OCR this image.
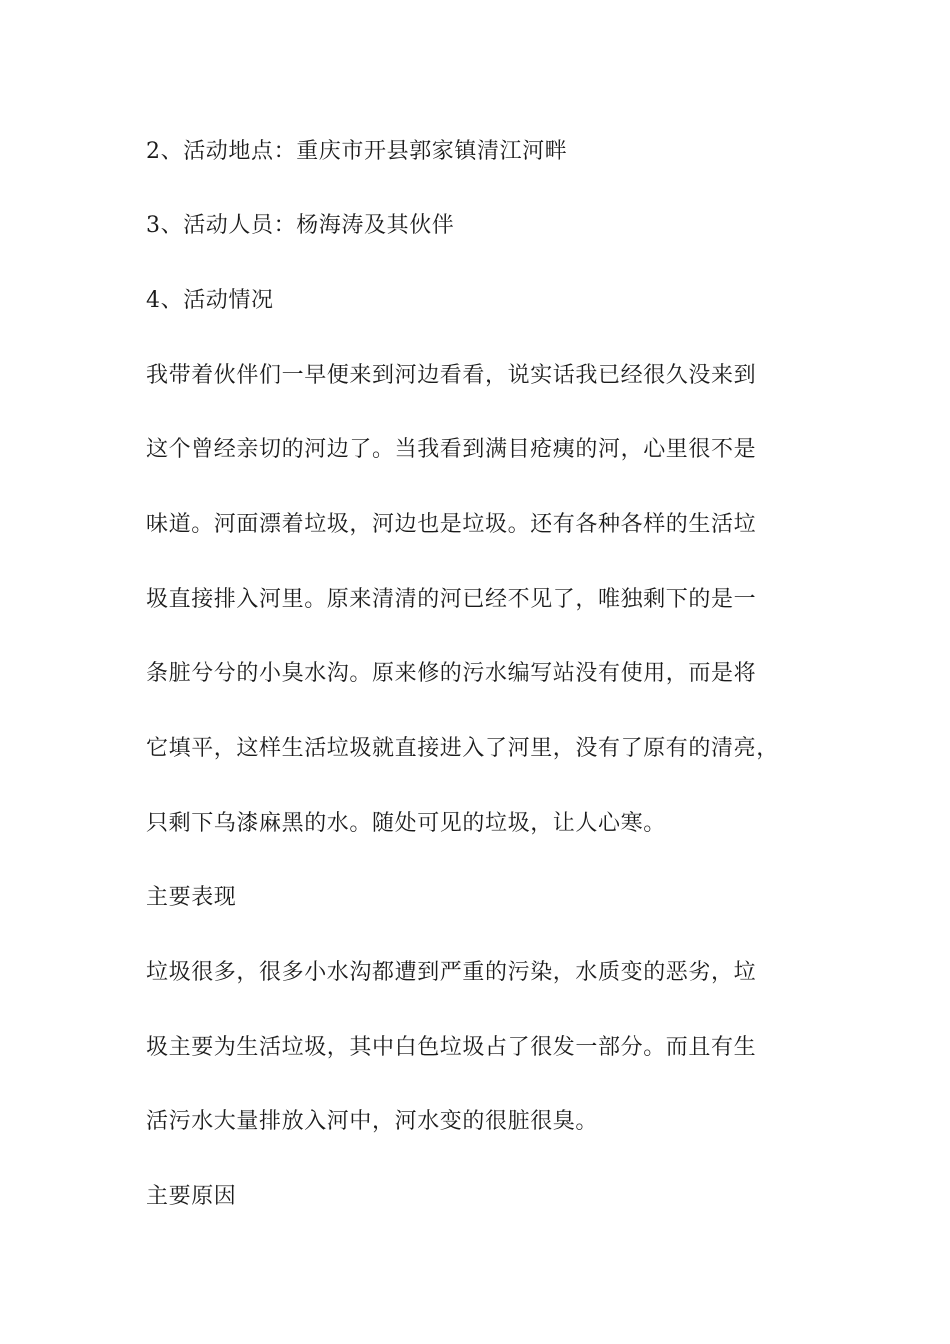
2、活动地点：重庆市开县郭家镇清江河畔
3、活动人员：杨海涛及其伙伴
4、活动情况
我带着伙伴们一早便来到河边看看，说实话我已经很久没来到
这个曾经亲切的河边了。当我看到满目疮痍的河，心里很不是
味道。河面漂着垃圾，河边也是垃圾。还有各种各样的生活垃
圾直接排入河里。原来清清的河已经不见了，唯独剩下的是一
条脏兮兮的小臭水沟。原来修的污水编写站没有使用，而是将
它填平，这样生活垃圾就直接进入了河里，没有了原有的清亮，
只剩下乌漆麻黑的水。随处可见的垃圾，让人心寒。
主要表现
垃圾很多，很多小水沟都遭到严重的污染，水质变的恶劣，垃
圾主要为生活垃圾，其中白色垃圾占了很发一部分。而且有生
活污水大量排放入河中，河水变的很脏很臭。
主要原因
